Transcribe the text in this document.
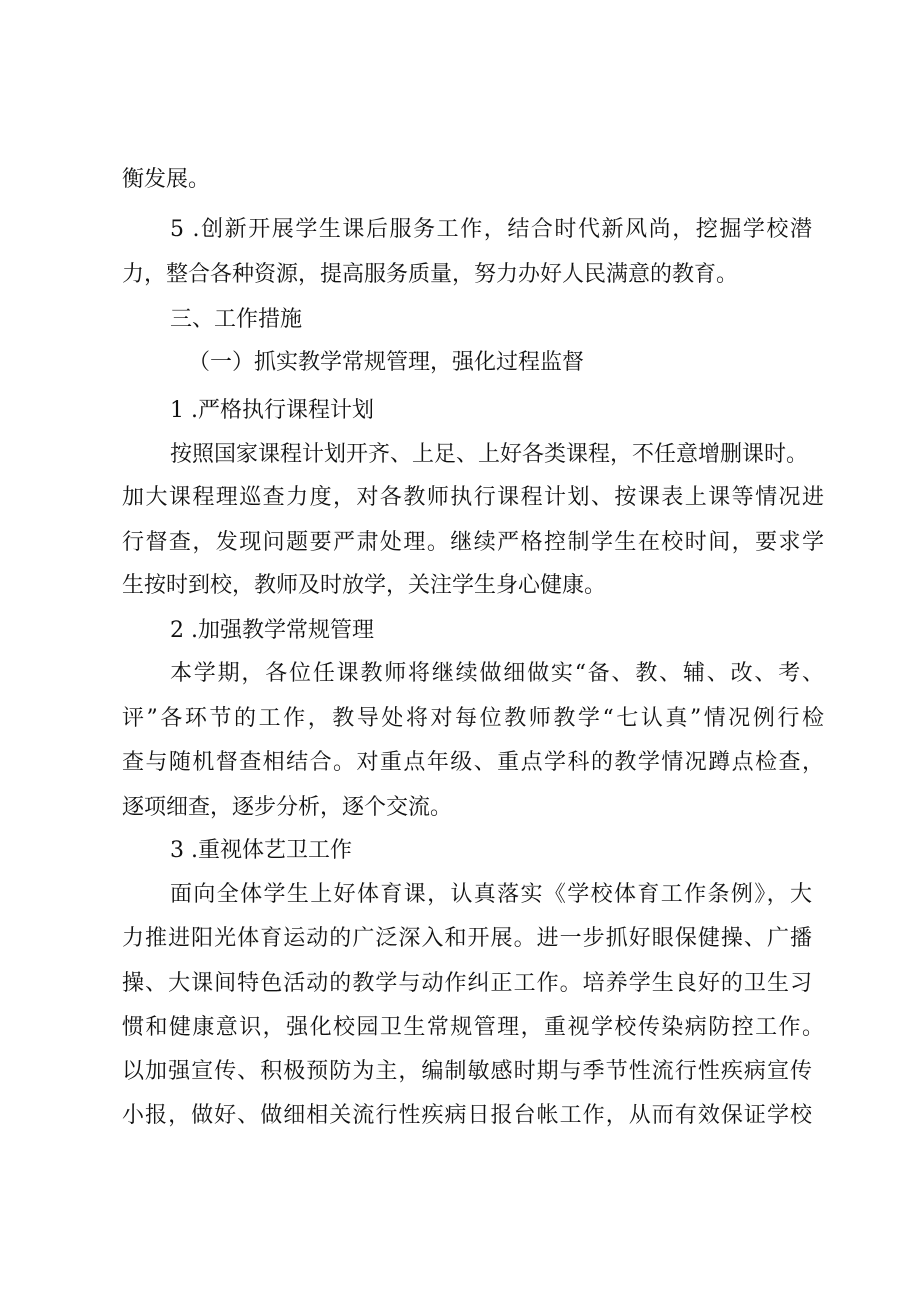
衡发展。
5 .创新开展学生课后服务工作，结合时代新风尚，挖掘学校潜
力，整合各种资源，提高服务质量，努力办好人民满意的教育。
三、工作措施
（一）抓实教学常规管理，强化过程监督
1 .严格执行课程计划
按照国家课程计划开齐、上足、上好各类课程，不任意增删课时。
加大课程理巡查力度，对各教师执行课程计划、按课表上课等情况进
行督查，发现问题要严肃处理。继续严格控制学生在校时间，要求学
生按时到校，教师及时放学，关注学生身心健康。
2 .加强教学常规管理
本学期，各位任课教师将继续做细做实“备、教、辅、改、考、
评”各环节的工作，教导处将对每位教师教学“七认真”情况例行检
查与随机督查相结合。对重点年级、重点学科的教学情况蹲点检查，
逐项细查，逐步分析，逐个交流。
3 .重视体艺卫工作
面向全体学生上好体育课，认真落实《学校体育工作条例》，大
力推进阳光体育运动的广泛深入和开展。进一步抓好眼保健操、广播
操、大课间特色活动的教学与动作纠正工作。培养学生良好的卫生习
惯和健康意识，强化校园卫生常规管理，重视学校传染病防控工作。
以加强宣传、积极预防为主，编制敏感时期与季节性流行性疾病宣传
小报，做好、做细相关流行性疾病日报台帐工作，从而有效保证学校
